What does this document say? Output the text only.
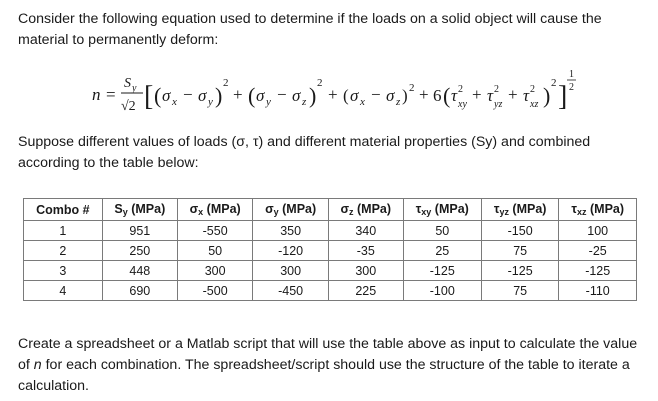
Consider the following equation used to determine if the loads on a solid object will cause the material to permanently deform:

n =
S y
√2 [ ( σ x − σ y ) 2
+ ( σ y − σ z ) 2
+ ( σ x − σ z ) 2 + 6 ( τ 2
xy
+ τ 2
yz
+ τ 2
xz ) 2 ]
1
2

Suppose different values of loads (σ, τ) and different material properties (Sy) and combined according to the table below:

Combo #	$S_y$ (MPa)	$\sigma_x$ (MPa)	$\sigma_y$ (MPa)	$\sigma_z$ (MPa)	$\tau_{xy}$ (MPa)	$\tau_{yz}$ (MPa)	$\tau_{xz}$ (MPa)
1	951	-550	350	340	50	-150	100
2	250	50	-120	-35	25	75	-25
3	448	300	300	300	-125	-125	-125
4	690	-500	-450	225	-100	75	-110

Create a spreadsheet or a Matlab script that will use the table above as input to calculate the value of n for each combination. The spreadsheet/script should use the structure of the table to iterate a calculation.
